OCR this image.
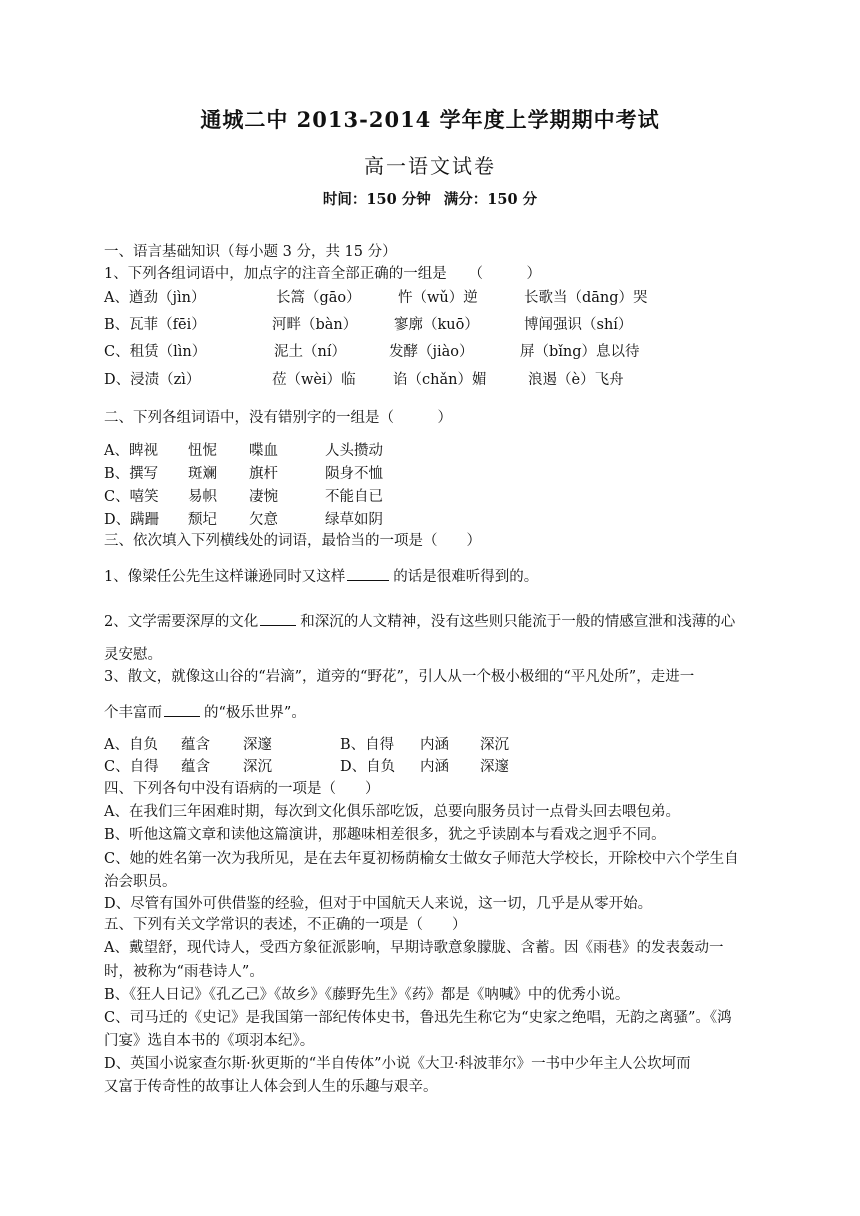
通城二中 2013-2014 学年度上学期期中考试
高一语文试卷
时间：150 分钟 满分：150 分
一、语言基础知识（每小题 3 分，共 15 分）
1、下列各组词语中，加点字的注音全部正确的一组是　　（　　　）
A、遒劲（jìn）	长篙（gāo）	忤（wǔ）逆	长歌当（dāng）哭
B、瓦菲（fēi）	河畔（bàn）	寥廓（kuō）	博闻强识（shí）
C、租赁（lìn）	泥土（ní）	发酵（jiào）	屏（bǐng）息以待
D、浸渍（zì）	莅（wèi）临	谄（chǎn）媚	浪遏（è）飞舟
二、下列各组词语中，没有错别字的一组是（　　　）
A、睥视 忸怩 喋血	人头攒动
B、撰写 斑斓 旗杆	陨身不恤
C、嘻笑 易帜 凄惋	不能自已
D、蹒跚 颓圮 欠意	绿草如阴
三、依次填入下列横线处的词语，最恰当的一项是（　　）
1、像梁任公先生这样谦逊同时又这样	的话是很难听得到的。
2、文学需要深厚的文化	和深沉的人文精神，没有这些则只能流于一般的情感宣泄和浅薄的心
灵安慰。
3、散文，就像这山谷的“岩滴”，道旁的“野花”，引人从一个极小极细的“平凡处所”，走进一
个丰富而	的“极乐世界”。
A、自负 蕴含 深邃	B、自得 内涵 深沉
C、自得 蕴含 深沉	D、自负 内涵 深邃
四、下列各句中没有语病的一项是（　　）
A、在我们三年困难时期，每次到文化俱乐部吃饭，总要向服务员讨一点骨头回去喂包弟。
B、听他这篇文章和读他这篇演讲，那趣味相差很多，犹之乎读剧本与看戏之迥乎不同。
C、她的姓名第一次为我所见，是在去年夏初杨荫榆女士做女子师范大学校长，开除校中六个学生自
治会职员。
D、尽管有国外可供借鉴的经验，但对于中国航天人来说，这一切，几乎是从零开始。
五、下列有关文学常识的表述，不正确的一项是（　　）
A、戴望舒，现代诗人，受西方象征派影响，早期诗歌意象朦胧、含蓄。因《雨巷》的发表轰动一
时，被称为“雨巷诗人”。
B、《狂人日记》《孔乙己》《故乡》《藤野先生》《药》都是《呐喊》中的优秀小说。
C、司马迁的《史记》是我国第一部纪传体史书，鲁迅先生称它为“史家之绝唱，无韵之离骚”。《鸿
门宴》选自本书的《项羽本纪》。
D、英国小说家查尔斯·狄更斯的“半自传体”小说《大卫·科波菲尔》一书中少年主人公坎坷而
又富于传奇性的故事让人体会到人生的乐趣与艰辛。
